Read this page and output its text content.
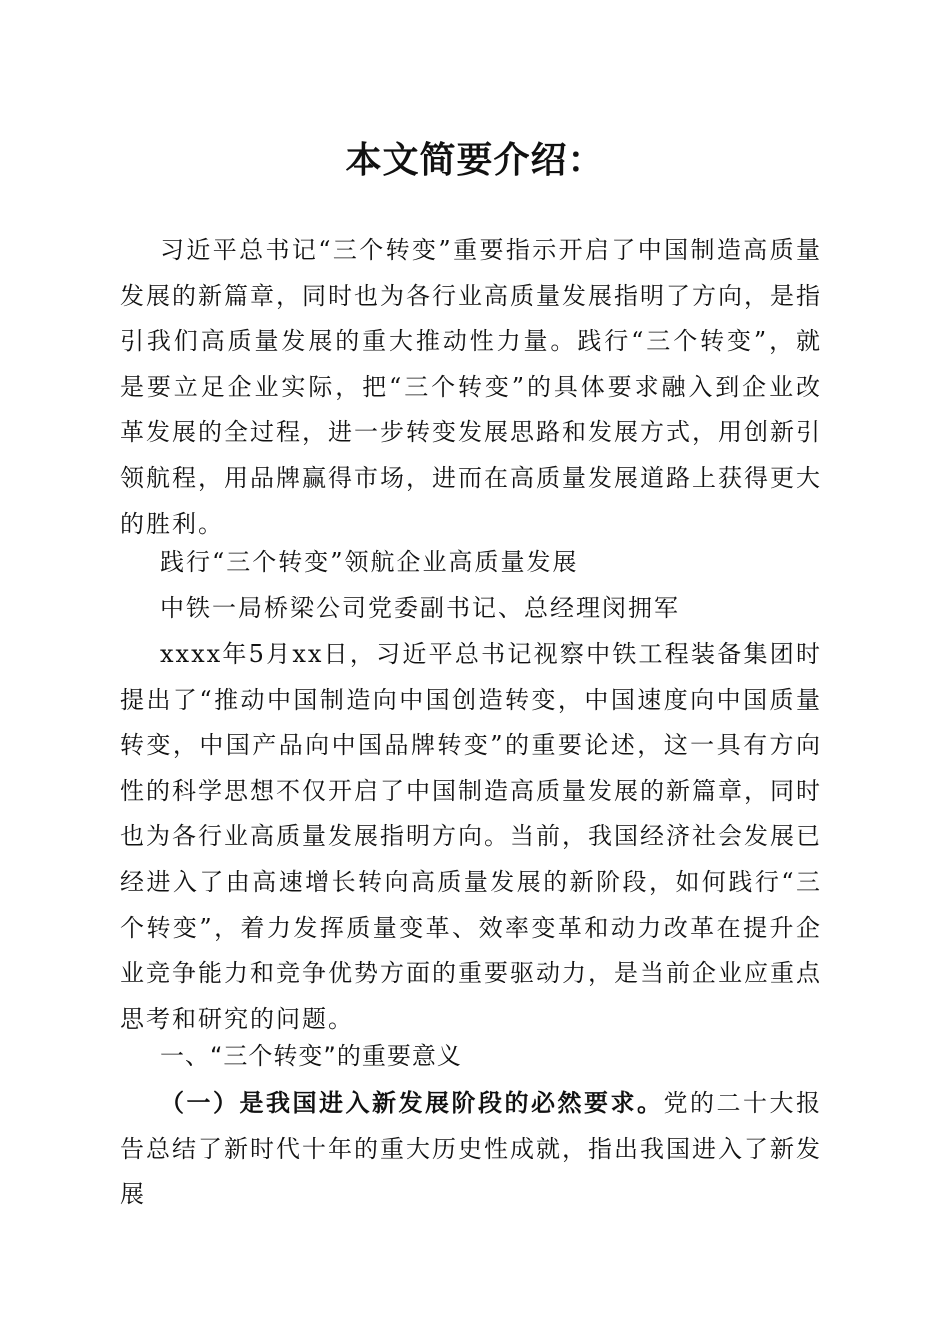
本文简要介绍：

习近平总书记“三个转变”重要指示开启了中国制造高质量发展的新篇章，同时也为各行业高质量发展指明了方向，是指引我们高质量发展的重大推动性力量。践行“三个转变”，就是要立足企业实际，把“三个转变”的具体要求融入到企业改革发展的全过程，进一步转变发展思路和发展方式，用创新引领航程，用品牌赢得市场，进而在高质量发展道路上获得更大的胜利。

践行“三个转变”领航企业高质量发展

中铁一局桥梁公司党委副书记、总经理闵拥军

xxxx年5月xx日，习近平总书记视察中铁工程装备集团时提出了“推动中国制造向中国创造转变，中国速度向中国质量转变，中国产品向中国品牌转变”的重要论述，这一具有方向性的科学思想不仅开启了中国制造高质量发展的新篇章，同时也为各行业高质量发展指明方向。当前，我国经济社会发展已经进入了由高速增长转向高质量发展的新阶段，如何践行“三个转变”，着力发挥质量变革、效率变革和动力改革在提升企业竞争能力和竞争优势方面的重要驱动力，是当前企业应重点思考和研究的问题。

一、“三个转变”的重要意义

（一）是我国进入新发展阶段的必然要求。党的二十大报告总结了新时代十年的重大历史性成就，指出我国进入了新发展
